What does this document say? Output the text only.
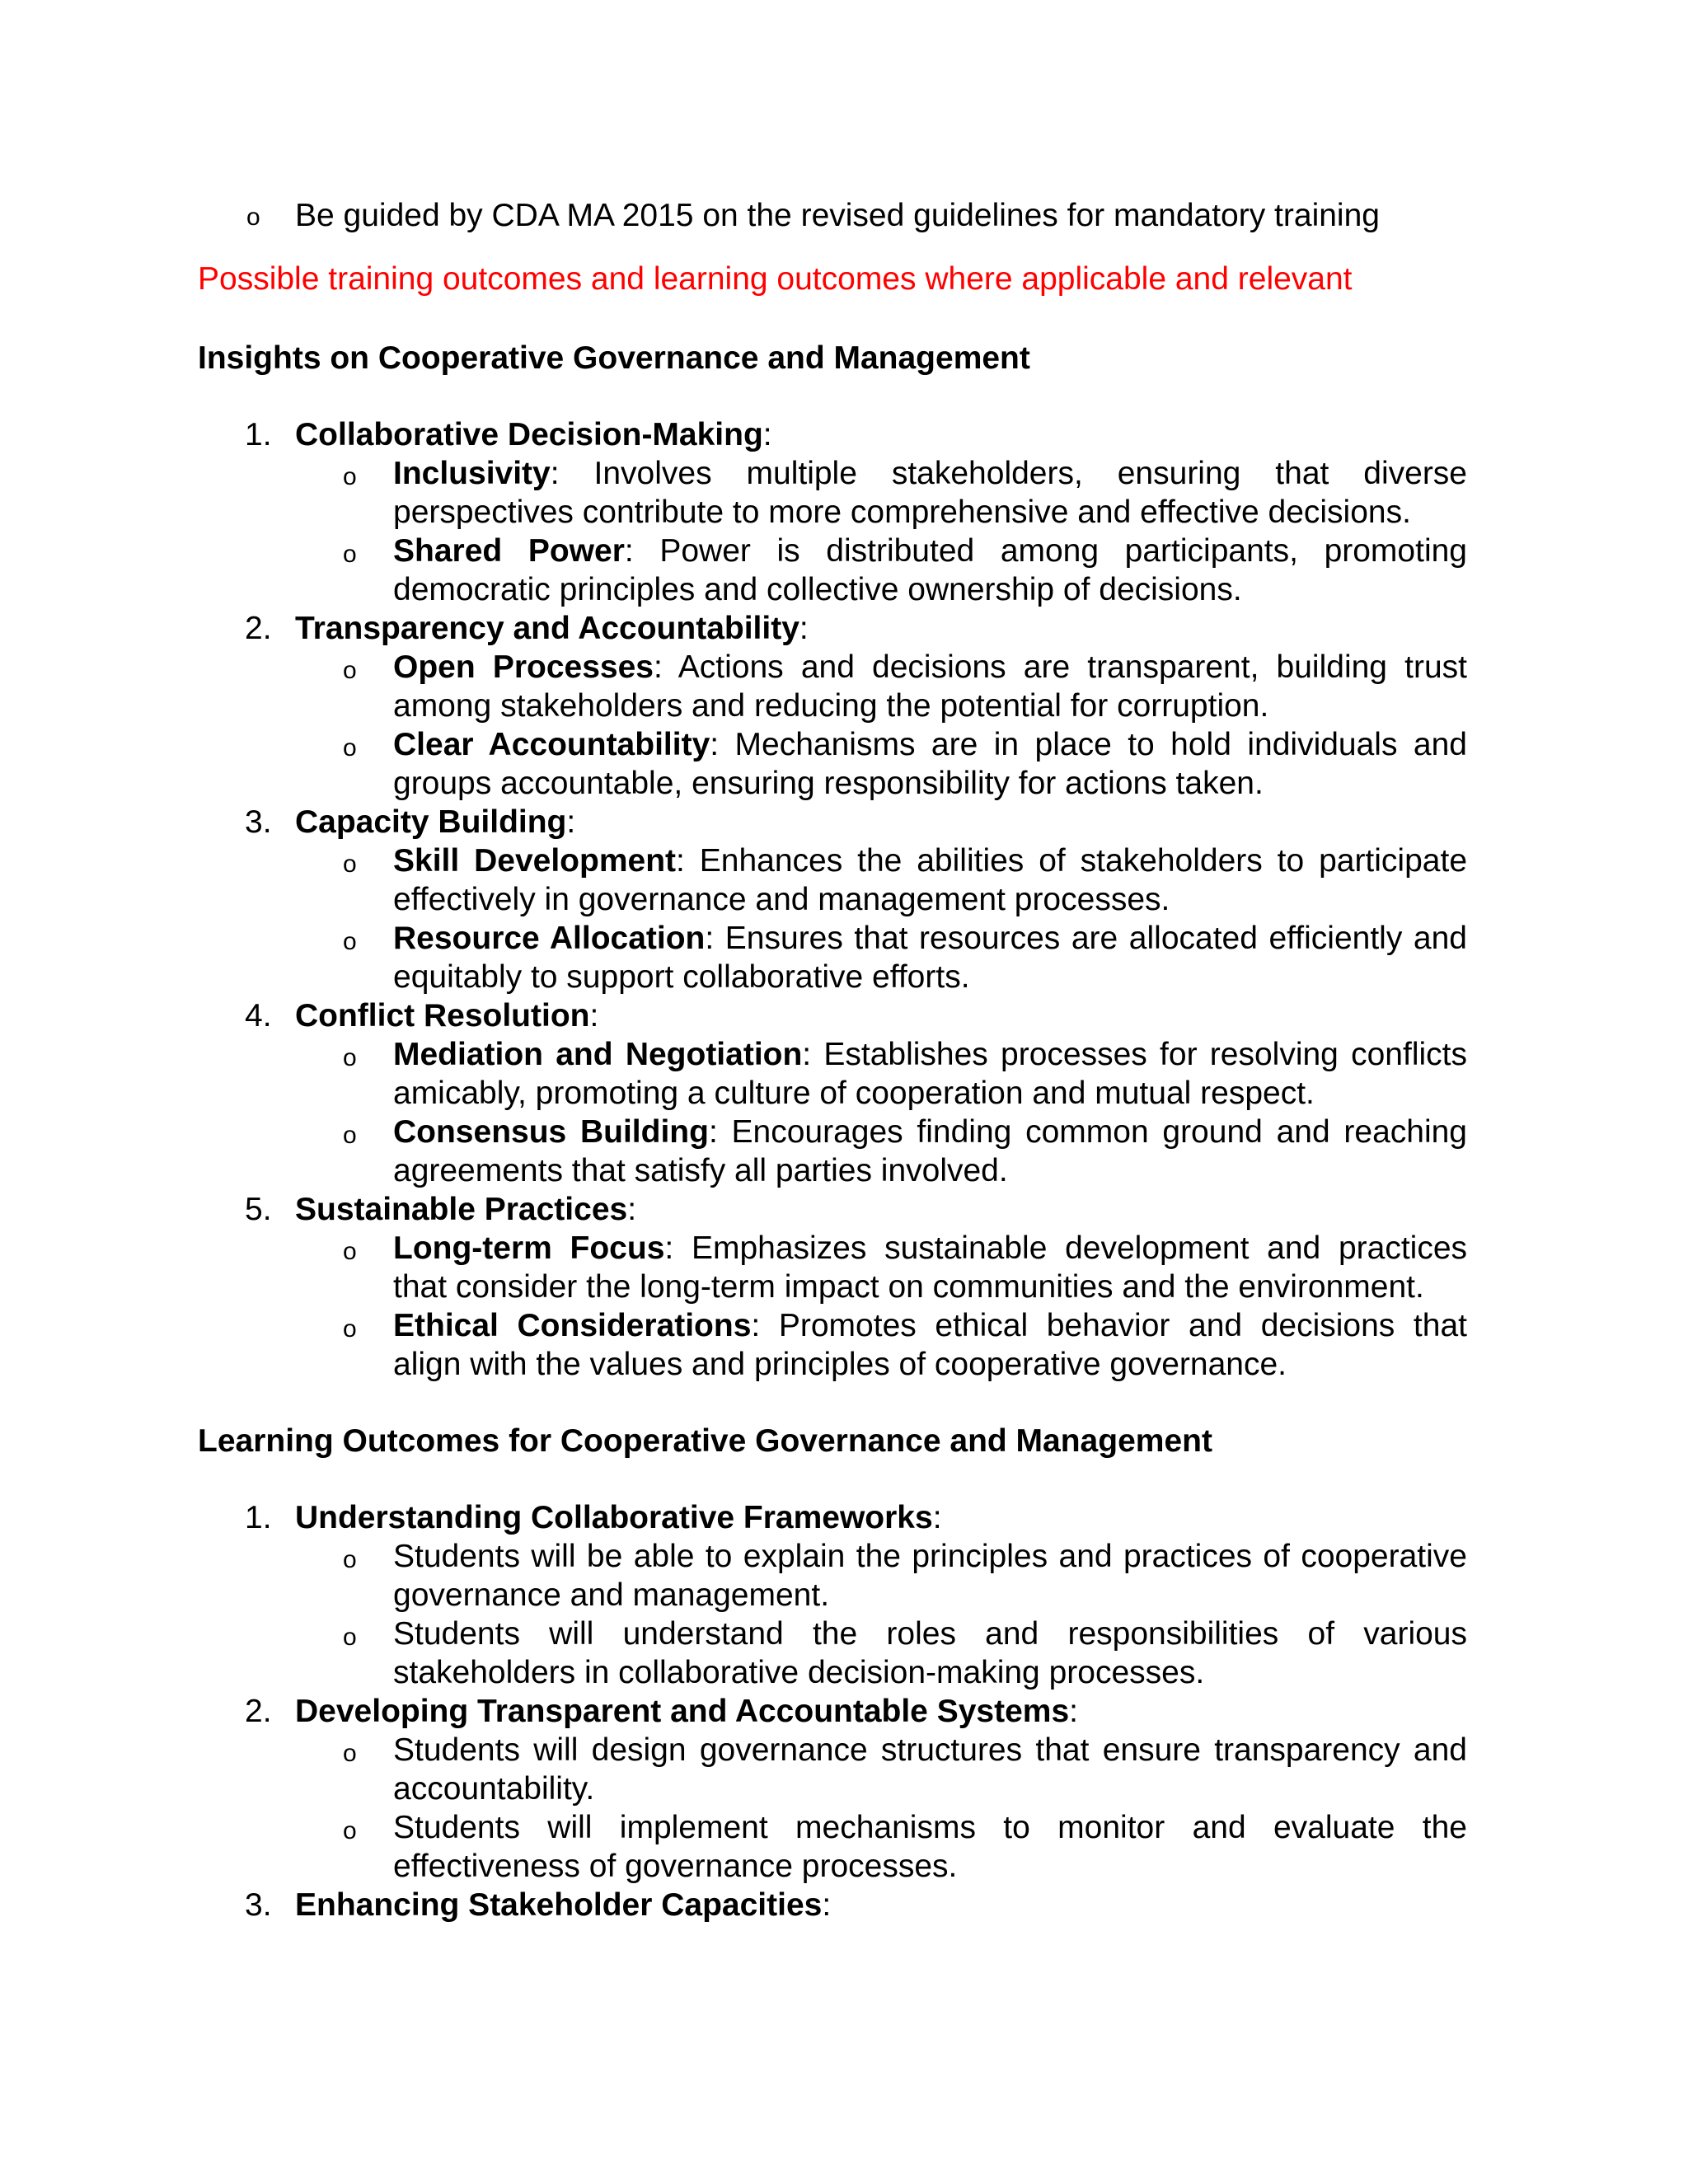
o Be guided by CDA MA 2015 on the revised guidelines for mandatory training
Possible training outcomes and learning outcomes where applicable and relevant
Insights on Cooperative Governance and Management
1. Collaborative Decision-Making:
o Inclusivity: Involves multiple stakeholders, ensuring that diverse perspectives contribute to more comprehensive and effective decisions.
o Shared Power: Power is distributed among participants, promoting democratic principles and collective ownership of decisions.
2. Transparency and Accountability:
o Open Processes: Actions and decisions are transparent, building trust among stakeholders and reducing the potential for corruption.
o Clear Accountability: Mechanisms are in place to hold individuals and groups accountable, ensuring responsibility for actions taken.
3. Capacity Building:
o Skill Development: Enhances the abilities of stakeholders to participate effectively in governance and management processes.
o Resource Allocation: Ensures that resources are allocated efficiently and equitably to support collaborative efforts.
4. Conflict Resolution:
o Mediation and Negotiation: Establishes processes for resolving conflicts amicably, promoting a culture of cooperation and mutual respect.
o Consensus Building: Encourages finding common ground and reaching agreements that satisfy all parties involved.
5. Sustainable Practices:
o Long-term Focus: Emphasizes sustainable development and practices that consider the long-term impact on communities and the environment.
o Ethical Considerations: Promotes ethical behavior and decisions that align with the values and principles of cooperative governance.
Learning Outcomes for Cooperative Governance and Management
1. Understanding Collaborative Frameworks:
o Students will be able to explain the principles and practices of cooperative governance and management.
o Students will understand the roles and responsibilities of various stakeholders in collaborative decision-making processes.
2. Developing Transparent and Accountable Systems:
o Students will design governance structures that ensure transparency and accountability.
o Students will implement mechanisms to monitor and evaluate the effectiveness of governance processes.
3. Enhancing Stakeholder Capacities:
